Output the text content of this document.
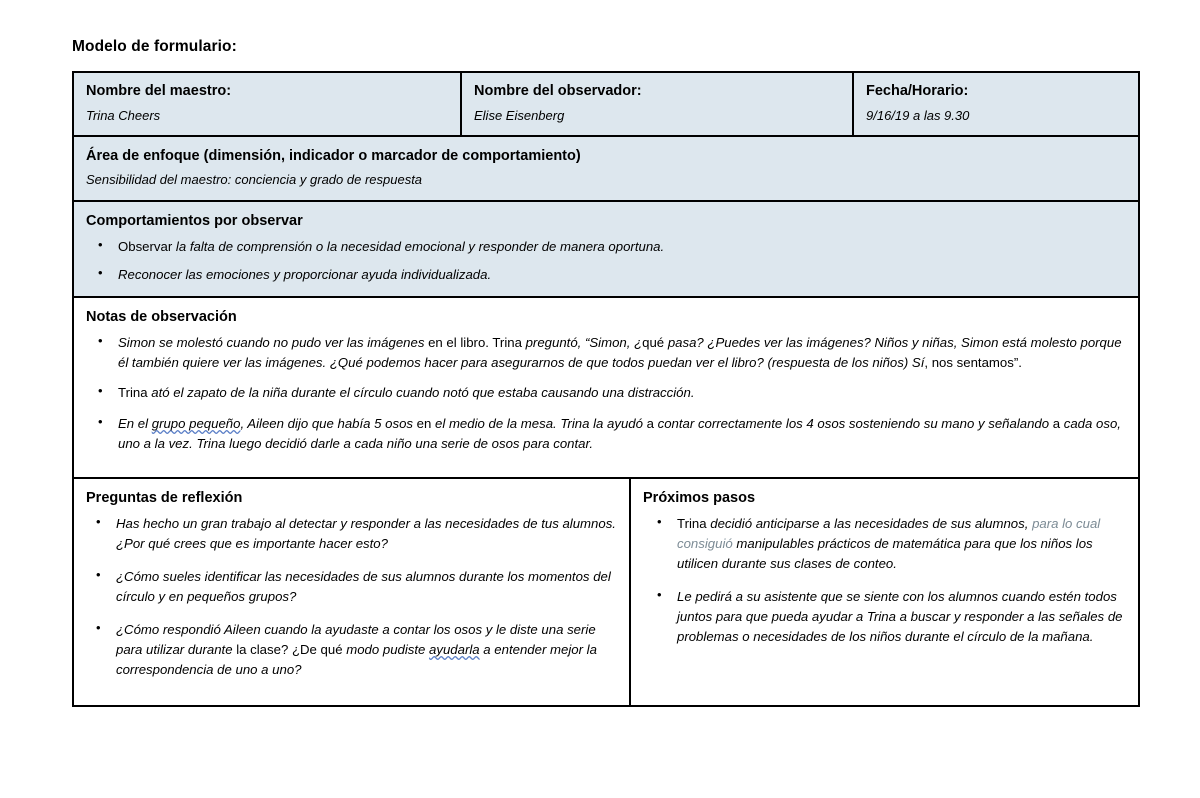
Modelo de formulario:
Nombre del maestro:
Trina Cheers
Nombre del observador:
Elise Eisenberg
Fecha/Horario:
9/16/19 a las 9.30
Área de enfoque (dimensión, indicador o marcador de comportamiento)
Sensibilidad del maestro: conciencia y grado de respuesta
Comportamientos por observar
• Observar la falta de comprensión o la necesidad emocional y responder de manera oportuna.
• Reconocer las emociones y proporcionar ayuda individualizada.
Notas de observación
• Simon se molestó cuando no pudo ver las imágenes en el libro. Trina preguntó, “Simon, ¿qué pasa? ¿Puedes ver las imágenes? Niños y niñas, Simon está molesto porque él también quiere ver las imágenes. ¿Qué podemos hacer para asegurarnos de que todos puedan ver el libro? (respuesta de los niños) Sí, nos sentamos”.
• Trina ató el zapato de la niña durante el círculo cuando notó que estaba causando una distracción.
• En el grupo pequeño, Aileen dijo que había 5 osos en el medio de la mesa. Trina la ayudó a contar correctamente los 4 osos sosteniendo su mano y señalando a cada oso, uno a la vez. Trina luego decidió darle a cada niño una serie de osos para contar.
Preguntas de reflexión
• Has hecho un gran trabajo al detectar y responder a las necesidades de tus alumnos. ¿Por qué crees que es importante hacer esto?
• ¿Cómo sueles identificar las necesidades de sus alumnos durante los momentos del círculo y en pequeños grupos?
• ¿Cómo respondió Aileen cuando la ayudaste a contar los osos y le diste una serie para utilizar durante la clase? ¿De qué modo pudiste ayudarla a entender mejor la correspondencia de uno a uno?
Próximos pasos
• Trina decidió anticiparse a las necesidades de sus alumnos, para lo cual consiguió manipulables prácticos de matemática para que los niños los utilicen durante sus clases de conteo.
• Le pedirá a su asistente que se siente con los alumnos cuando estén todos juntos para que pueda ayudar a Trina a buscar y responder a las señales de problemas o necesidades de los niños durante el círculo de la mañana.
